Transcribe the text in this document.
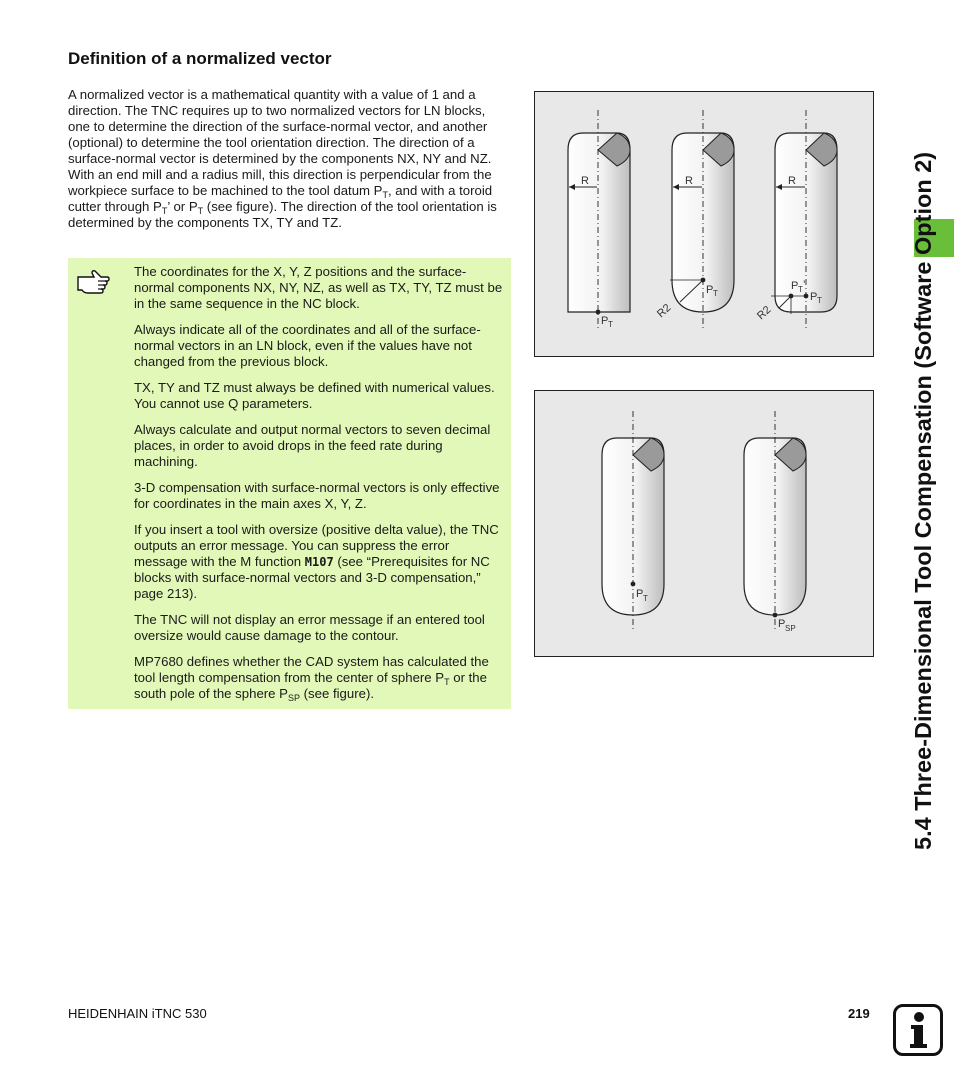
Definition of a normalized vector

A normalized vector is a mathematical quantity with a value of 1 and a direction. The TNC requires up to two normalized vectors for LN blocks, one to determine the direction of the surface-normal vector, and another (optional) to determine the tool orientation direction. The direction of a surface-normal vector is determined by the components NX, NY and NZ. With an end mill and a radius mill, this direction is perpendicular from the workpiece surface to be machined to the tool datum $P_T$, and with a toroid cutter through $P_T$’ or $P_T$ (see figure). The direction of the tool orientation is determined by the components TX, TY and TZ.

The coordinates for the X, Y, Z positions and the surface-normal components NX, NY, NZ, as well as TX, TY, TZ must be in the same sequence in the NC block.

Always indicate all of the coordinates and all of the surface-normal vectors in an LN block, even if the values have not changed from the previous block.

TX, TY and TZ must always be defined with numerical values. You cannot use Q parameters.

Always calculate and output normal vectors to seven decimal places, in order to avoid drops in the feed rate during machining.

3-D compensation with surface-normal vectors is only effective for coordinates in the main axes X, Y, Z.

If you insert a tool with oversize (positive delta value), the TNC outputs an error message. You can suppress the error message with the M function M107 (see “Prerequisites for NC blocks with surface-normal vectors and 3-D compensation,” page 213).

The TNC will not display an error message if an entered tool oversize would cause damage to the contour.

MP7680 defines whether the CAD system has calculated the tool length compensation from the center of sphere $P_T$ or the south pole of the sphere $P_{SP}$ (see figure).

R
P T
R
R2
P T
R
R2
P T ’
P T
P T
P SP	5.4 Three-Dimensional Tool Compensation (Software Option 2)
HEIDENHAIN iTNC 530	219
